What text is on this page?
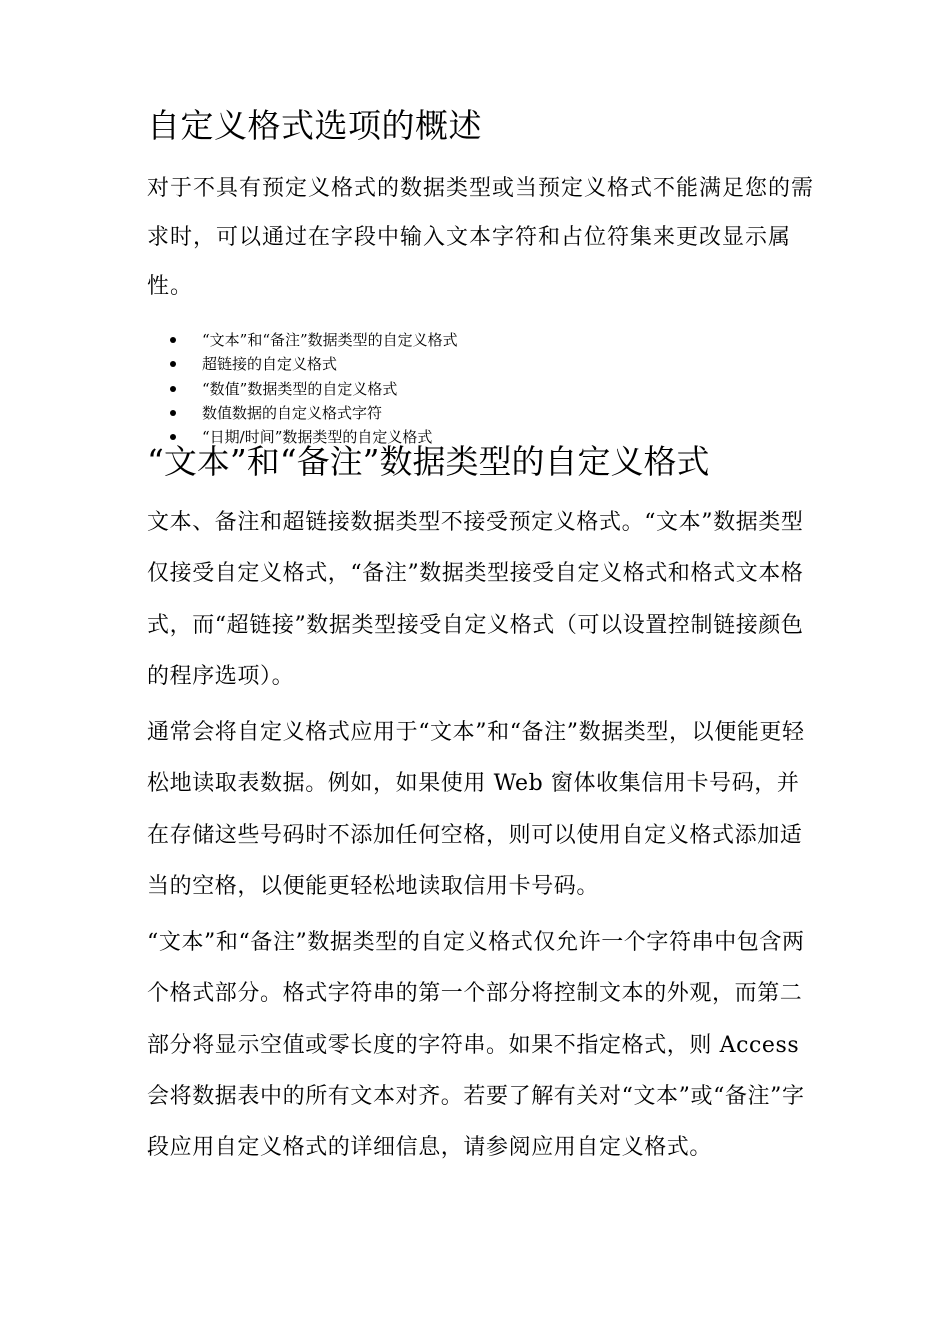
自定义格式选项的概述

对于不具有预定义格式的数据类型或当预定义格式不能满足您的需求时，可以通过在字段中输入文本字符和占位符集来更改显示属性。

“文本”和“备注”数据类型的自定义格式
超链接的自定义格式
“数值”数据类型的自定义格式
数值数据的自定义格式字符
“日期/时间”数据类型的自定义格式
“文本”和“备注”数据类型的自定义格式

文本、备注和超链接数据类型不接受预定义格式。“文本”数据类型仅接受自定义格式，“备注”数据类型接受自定义格式和格式文本格式，而“超链接”数据类型接受自定义格式（可以设置控制链接颜色的程序选项）。

通常会将自定义格式应用于“文本”和“备注”数据类型，以便能更轻松地读取表数据。例如，如果使用 Web 窗体收集信用卡号码，并在存储这些号码时不添加任何空格，则可以使用自定义格式添加适当的空格，以便能更轻松地读取信用卡号码。

“文本”和“备注”数据类型的自定义格式仅允许一个字符串中包含两个格式部分。格式字符串的第一个部分将控制文本的外观，而第二部分将显示空值或零长度的字符串。如果不指定格式，则 Access 会将数据表中的所有文本对齐。若要了解有关对“文本”或“备注”字段应用自定义格式的详细信息，请参阅应用自定义格式。
